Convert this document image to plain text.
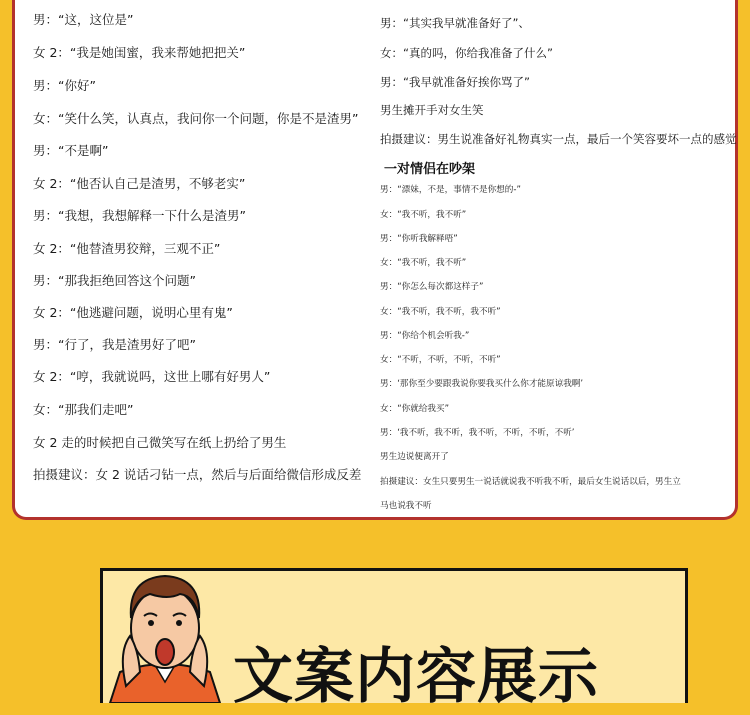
男：“这，这位是”
女 2：“我是她闺蜜，我来帮她把把关”
男：“你好”
女：“笑什么笑，认真点，我问你一个问题，你是不是渣男”
男：“不是啊”
女 2：“他否认自己是渣男，不够老实”
男：“我想，我想解释一下什么是渣男”
女 2：“他替渣男狡辩，三观不正”
男：“那我拒绝回答这个问题”
女 2：“他逃避问题，说明心里有鬼”
男：“行了，我是渣男好了吧”
女 2：“哼，我就说吗，这世上哪有好男人”
女：“那我们走吧”
女 2 走的时候把自己微笑写在纸上扔给了男生
拍摄建议：女 2 说话刁钻一点，然后与后面给微信形成反差
男：“其实我早就准备好了”、
女：“真的吗，你给我准备了什么”
男：“我早就准备好挨你骂了”
男生摊开手对女生笑
拍摄建议：男生说准备好礼物真实一点，最后一个笑容要坏一点的感觉
一对情侣在吵架
男：“漂妹，不是，事情不是你想的-”
女：“我不听，我不听”
男：“你听我解释唔”
女：“我不听，我不听”
男：“你怎么每次都这样子”
女：“我不听，我不听，我不听”
男：“你给个机会听我-”
女：“不听，不听，不听，不听”
男：‘那你至少要跟我说你要我买什么你才能原谅我啊’
女：“你就给我买”
男：‘我不听，我不听，我不听，不听，不听，不听’
男生边说便离开了
拍摄建议：女生只要男生一说话就说我不听我不听，最后女生说话以后，男生立
马也说我不听
文案内容展示
